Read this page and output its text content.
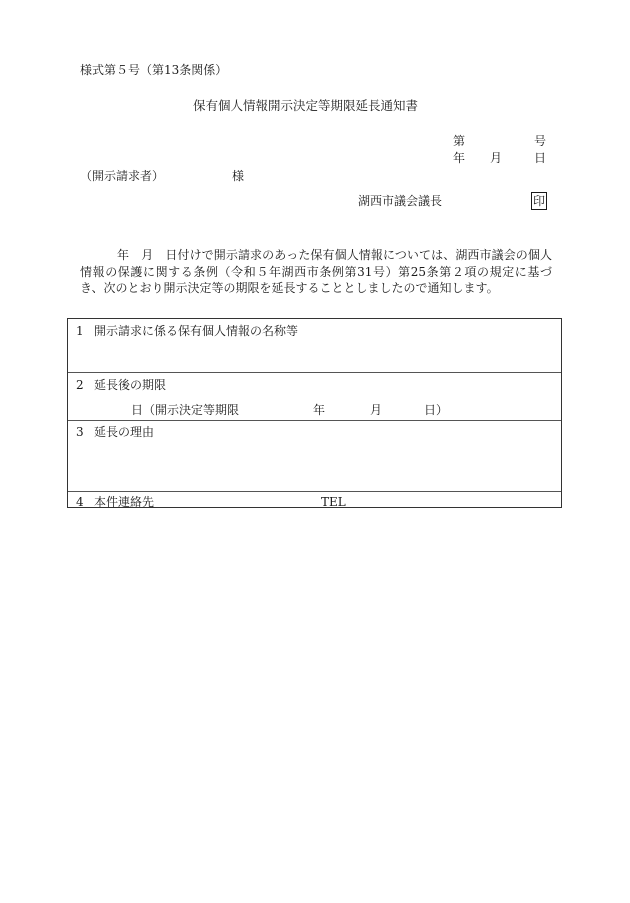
様式第５号（第13条関係）
保有個人情報開示決定等期限延長通知書
第	号
年 月	日
（開示請求者）	様
湖西市議会議長	印
年　月　日付けで開示請求のあった保有個人情報については、湖西市議会の個人情報の保護に関する条例（令和５年湖西市条例第31号）第25条第２項の規定に基づき、次のとおり開示決定等の期限を延長することとしましたので通知します。
1 開示請求に係る保有個人情報の名称等
2 延長後の期限
日（開示決定等期限	年	月	日）
3 延長の理由
4 本件連絡先	TEL
